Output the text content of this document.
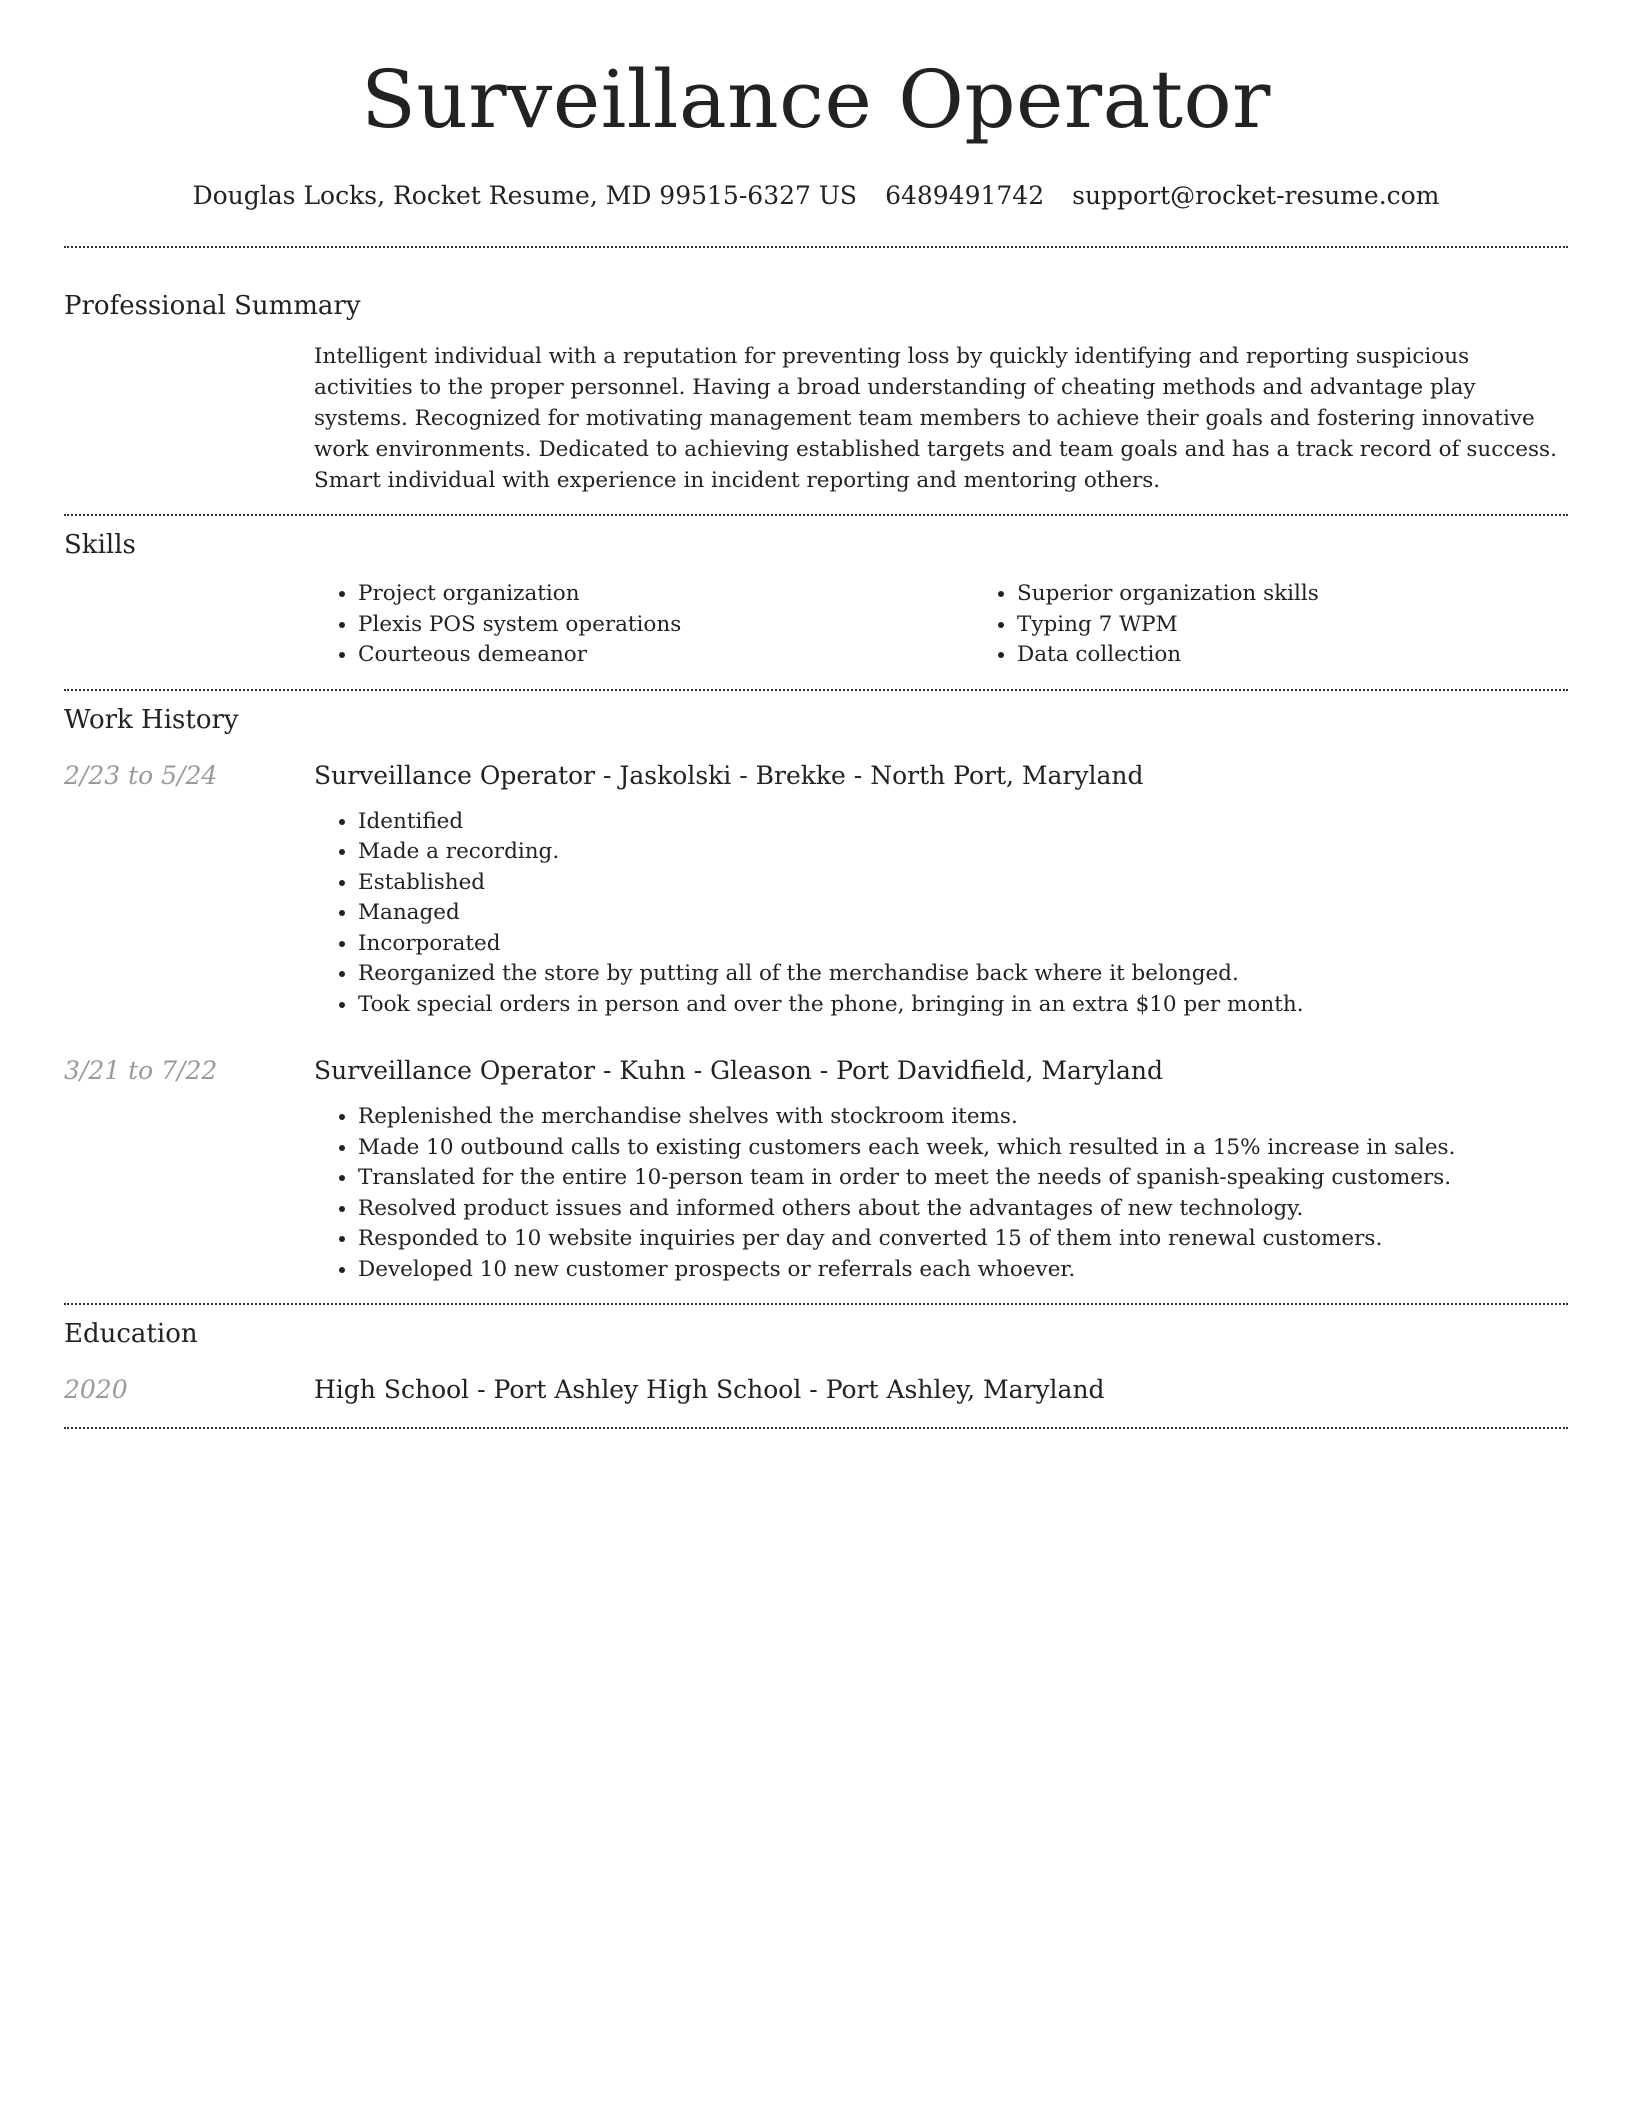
Surveillance Operator
Douglas Locks, Rocket Resume, MD 99515-6327 US 6489491742 support@rocket-resume.com
Professional Summary

Intelligent individual with a reputation for preventing loss by quickly identifying and reporting suspicious activities to the proper personnel. Having a broad understanding of cheating methods and advantage play systems. Recognized for motivating management team members to achieve their goals and fostering innovative work environments. Dedicated to achieving established targets and team goals and has a track record of success. Smart individual with experience in incident reporting and mentoring others.

Skills
• Project organization
• Plexis POS system operations
• Courteous demeanor
• Superior organization skills
• Typing 7 WPM
• Data collection
Work History
2/23 to 5/24	Surveillance Operator - Jaskolski - Brekke - North Port, Maryland
• Identified
• Made a recording.
• Established
• Managed
• Incorporated
• Reorganized the store by putting all of the merchandise back where it belonged.
• Took special orders in person and over the phone, bringing in an extra $10 per month.
3/21 to 7/22	Surveillance Operator - Kuhn - Gleason - Port Davidfield, Maryland
• Replenished the merchandise shelves with stockroom items.
• Made 10 outbound calls to existing customers each week, which resulted in a 15% increase in sales.
• Translated for the entire 10-person team in order to meet the needs of spanish-speaking customers.
• Resolved product issues and informed others about the advantages of new technology.
• Responded to 10 website inquiries per day and converted 15 of them into renewal customers.
• Developed 10 new customer prospects or referrals each whoever.
Education
2020	High School - Port Ashley High School - Port Ashley, Maryland
